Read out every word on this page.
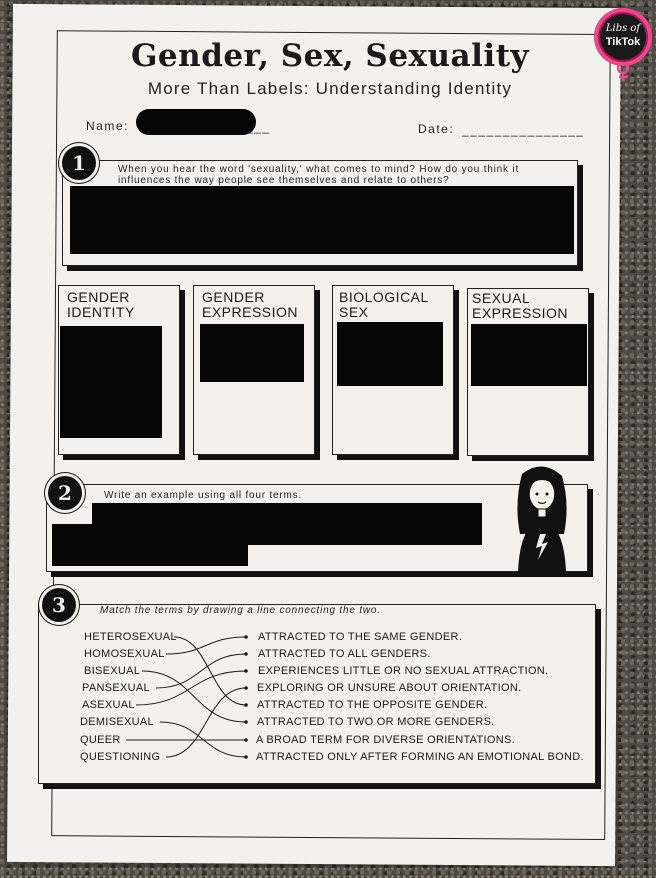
Gender, Sex, Sexuality
More Than Labels: Understanding Identity
Name:	___	Date: _______________
1	When you hear the word 'sexuality,' what comes to mind? How do you think it influences the way people see themselves and relate to others?
GENDER
IDENTITY
GENDER
EXPRESSION
BIOLOGICAL
SEX
SEXUAL
EXPRESSION
2	Write an example using all four terms.
3	Match the terms by drawing a line connecting the two.
HETEROSEXUAL
HOMOSEXUAL
BISEXUAL
PANSEXUAL
ASEXUAL
DEMISEXUAL
QUEER
QUESTIONING
ATTRACTED TO THE SAME GENDER.
ATTRACTED TO ALL GENDERS.
EXPERIENCES LITTLE OR NO SEXUAL ATTRACTION.
EXPLORING OR UNSURE ABOUT ORIENTATION.
ATTRACTED TO THE OPPOSITE GENDER.
ATTRACTED TO TWO OR MORE GENDERS.
A BROAD TERM FOR DIVERSE ORIENTATIONS.
ATTRACTED ONLY AFTER FORMING AN EMOTIONAL BOND.
Libs of
TikTok
